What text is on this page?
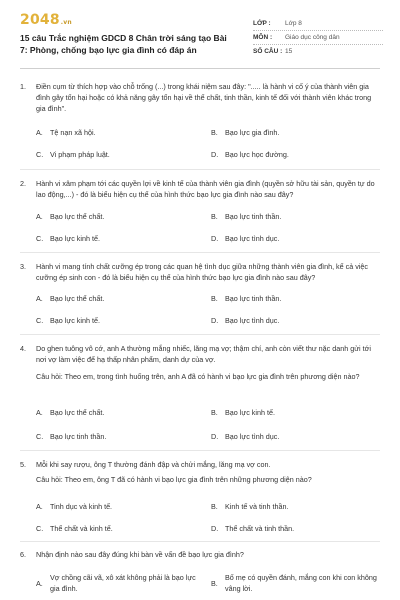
2048.vn
15 câu Trắc nghiệm GDCD 8 Chân trời sáng tạo Bài 7: Phòng, chống bạo lực gia đình có đáp án
LỚP :	Lớp 8
MÔN :	Giáo dục công dân
SỐ CÂU : 15
1.	Điền cụm từ thích hợp vào chỗ trống (...) trong khái niệm sau đây: "..... là hành vi cố ý của thành viên gia đình gây tổn hại hoặc có khả năng gây tổn hại về thể chất, tinh thần, kinh tế đối với thành viên khác trong gia đình".
A.	Tệ nạn xã hội.	B.	Bạo lực gia đình.
C. Vi phạm pháp luật.	D. Bạo lực học đường.
2.	Hành vi xâm phạm tới các quyền lợi về kinh tế của thành viên gia đình (quyền sở hữu tài sản, quyền tự do lao động,...) - đó là biểu hiện cụ thể của hình thức bạo lực gia đình nào sau đây?
A.	Bạo lực thể chất.	B.	Bạo lực tinh thần.
C. Bạo lực kinh tế.	D. Bạo lực tình dục.
3.	Hành vi mang tính chất cưỡng ép trong các quan hệ tình dục giữa những thành viên gia đình, kể cả việc cưỡng ép sinh con - đó là biểu hiện cụ thể của hình thức bạo lực gia đình nào sau đây?
A.	Bạo lực thể chất.	B.	Bạo lực tinh thần.
C. Bạo lực kinh tế.	D. Bạo lực tình dục.
4.	Do ghen tuông vô cớ, anh A thường mắng nhiếc, lăng mạ vợ; thậm chí, anh còn viết thư nặc danh gửi tới nơi vợ làm việc để hạ thấp nhân phẩm, danh dự của vợ.
Câu hỏi: Theo em, trong tình huống trên, anh A đã có hành vi bạo lực gia đình trên phương diện nào?
A.	Bạo lực thể chất.	B.	Bạo lực kinh tế.
C. Bạo lực tinh thần.	D. Bạo lực tình dục.
5.	Mỗi khi say rượu, ông T thường đánh đập và chửi mắng, lăng mạ vợ con.
Câu hỏi: Theo em, ông T đã có hành vi bạo lực gia đình trên những phương diện nào?
A.	Tinh dục và kinh tế.	B.	Kinh tế và tinh thần.
C. Thể chất và kinh tế.	D. Thể chất và tinh thần.
6.	Nhận định nào sau đây đúng khi bàn về vấn đề bạo lực gia đình?
A.
Vợ chồng cãi vã, xô xát không phải là bạo lực gia đình.
B.
Bố mẹ có quyền đánh, mắng con khi con không vâng lời.
